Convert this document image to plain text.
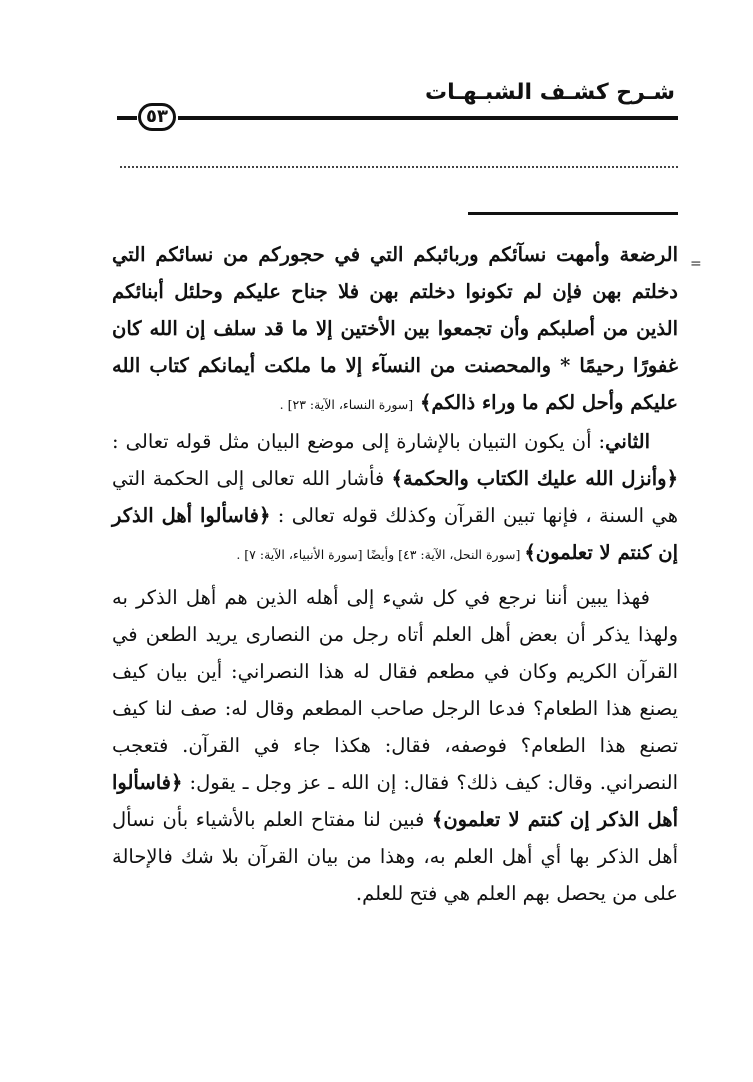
شـرح كشـف الشبـهـات
٥٣
=

الرضعة وأمهت نسآئكم وربائبكم التي في حجوركم من نسائكم التي دخلتم بهن فإن لم تكونوا دخلتم بهن فلا جناح عليكم وحلئل أبنائكم الذين من أصلبكم وأن تجمعوا بين الأختين إلا ما قد سلف إن الله كان غفورًا رحيمًا * والمحصنت من النسآء إلا ما ملكت أيمانكم كتاب الله عليكم وأحل لكم ما وراء ذالكم﴾ [سورة النساء، الآية: ٢٣] .

الثاني: أن يكون التبيان بالإشارة إلى موضع البيان مثل قوله تعالى : ﴿وأنزل الله عليك الكتاب والحكمة﴾ فأشار الله تعالى إلى الحكمة التي هي السنة ، فإنها تبين القرآن وكذلك قوله تعالى : ﴿فاسألوا أهل الذكر إن كنتم لا تعلمون﴾ [سورة النحل، الآية: ٤٣] وأيضًا [سورة الأنبياء، الآية: ٧] .

فهذا يبين أننا نرجع في كل شيء إلى أهله الذين هم أهل الذكر به ولهذا يذكر أن بعض أهل العلم أتاه رجل من النصارى يريد الطعن في القرآن الكريم وكان في مطعم فقال له هذا النصراني: أين بيان كيف يصنع هذا الطعام؟ فدعا الرجل صاحب المطعم وقال له: صف لنا كيف تصنع هذا الطعام؟ فوصفه، فقال: هكذا جاء في القرآن. فتعجب النصراني. وقال: كيف ذلك؟ فقال: إن الله ـ عز وجل ـ يقول: ﴿فاسألوا أهل الذكر إن كنتم لا تعلمون﴾ فبين لنا مفتاح العلم بالأشياء بأن نسأل أهل الذكر بها أي أهل العلم به، وهذا من بيان القرآن بلا شك فالإحالة على من يحصل بهم العلم هي فتح للعلم.
